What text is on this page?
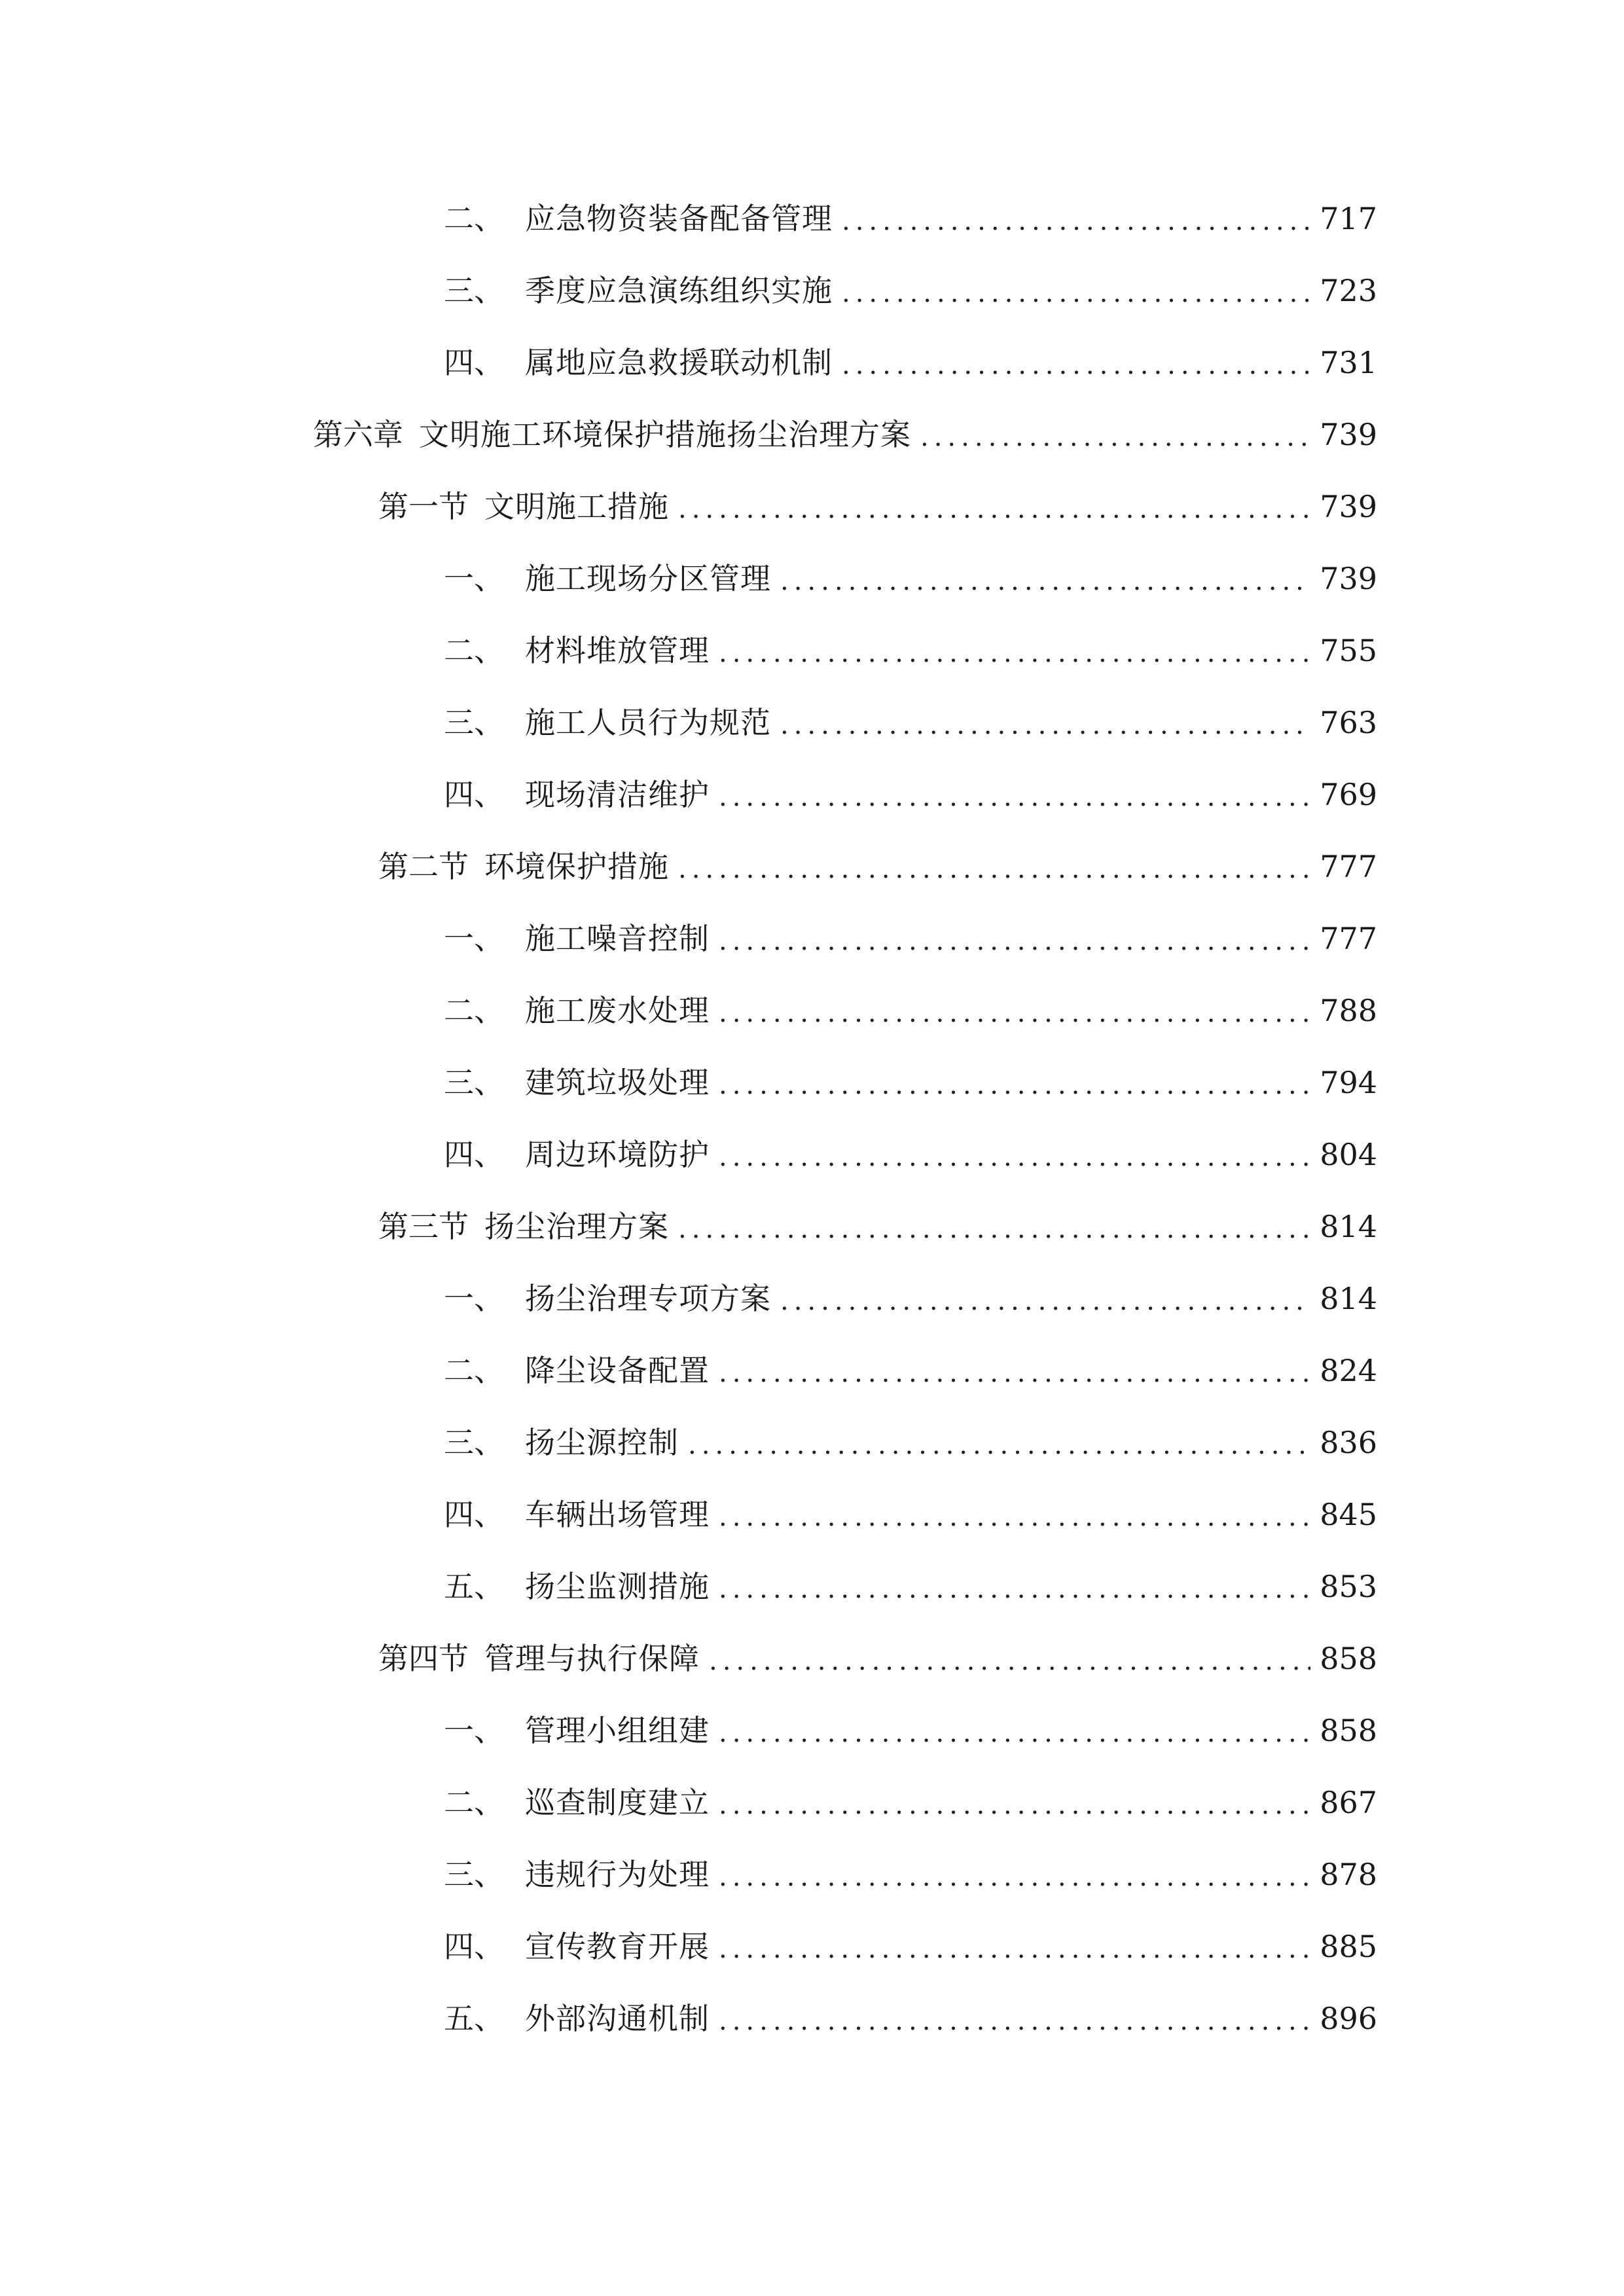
二、 应急物资装备配备管理 .....	717
三、 季度应急演练组织实施 .....	723
四、 属地应急救援联动机制 .....	731
第六章 文明施工环境保护措施扬尘治理方案 .....	739
第一节 文明施工措施 .....	739
一、 施工现场分区管理 .....	739
二、 材料堆放管理 .....	755
三、 施工人员行为规范 .....	763
四、 现场清洁维护 .....	769
第二节 环境保护措施 .....	777
一、 施工噪音控制 .....	777
二、 施工废水处理 .....	788
三、 建筑垃圾处理 .....	794
四、 周边环境防护 .....	804
第三节 扬尘治理方案 .....	814
一、 扬尘治理专项方案 .....	814
二、 降尘设备配置 .....	824
三、 扬尘源控制 .....	836
四、 车辆出场管理 .....	845
五、 扬尘监测措施 .....	853
第四节 管理与执行保障 .....	858
一、 管理小组组建 .....	858
二、 巡查制度建立 .....	867
三、 违规行为处理 .....	878
四、 宣传教育开展 .....	885
五、 外部沟通机制 .....	896
